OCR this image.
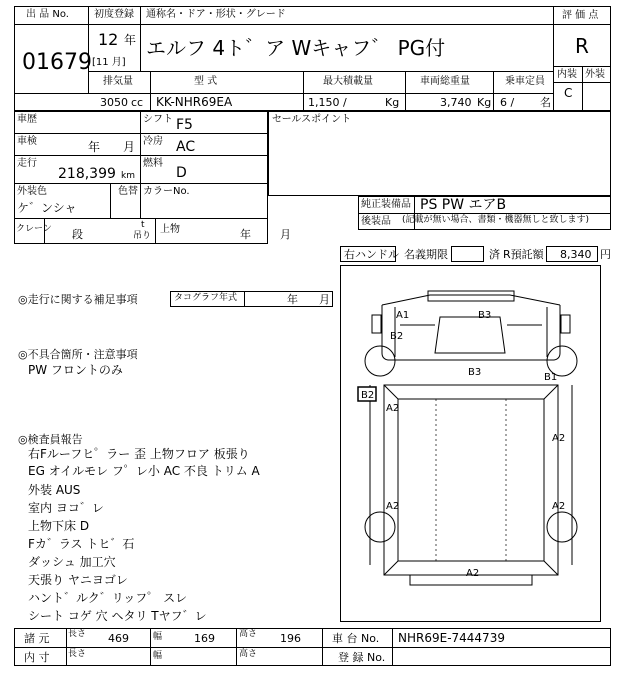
出 品 No.
01679
初度登録 通称名・ドア・形状・グレード
12 年
[11 月]
エルフ 4ト゛ア Wキャフ゛ PG付
評 価 点
R
内装 外装
C
排気量	型 式	最大積載量	車両総重量	乗車定員
3050 cc KK-NHR69EA	1,150 /	Kg	3,740 Kg 6 / 名
車歴	シフト F5
車検	年 月 冷房 AC
走行
218,399 km
燃料
D
外装色	色替 カラーNo.
ケ゛ンシャ
クレーン 段
t
吊り
上物	年	月
セールスポイント
純正装備品 PS PW エアB
後装品 (記載が無い場合、書類・機器無しと致します)
右ハンドル 名義期限	済 R預託額 8,340 円
◎走行に関する補足事項	タコグラフ年式	年 月
◎不具合箇所・注意事項
PW フロントのみ
◎検査員報告
右Fルーフヒ゜ラー 歪 上物フロア 板張り
EG オイルモレ フ゜レ小 AC 不良 トリム A
外装 AUS
室内 ヨコ゛レ
上物下床 D
Fカ゛ラス トヒ゛石
ダッシュ 加工穴
天張り ヤニヨゴレ
ハント゛ルク゛リッフ゜ スレ
シート コゲ 穴 ヘタリ Tヤフ゛レ
A1	B3
B2
B3	B1
B2
A2
A2
A2	A2
A2
諸 元 長さ 469	幅	169	高さ 196	車 台 No. NHR69E-7444739
内 寸 長さ	幅	高さ	登 録 No.
